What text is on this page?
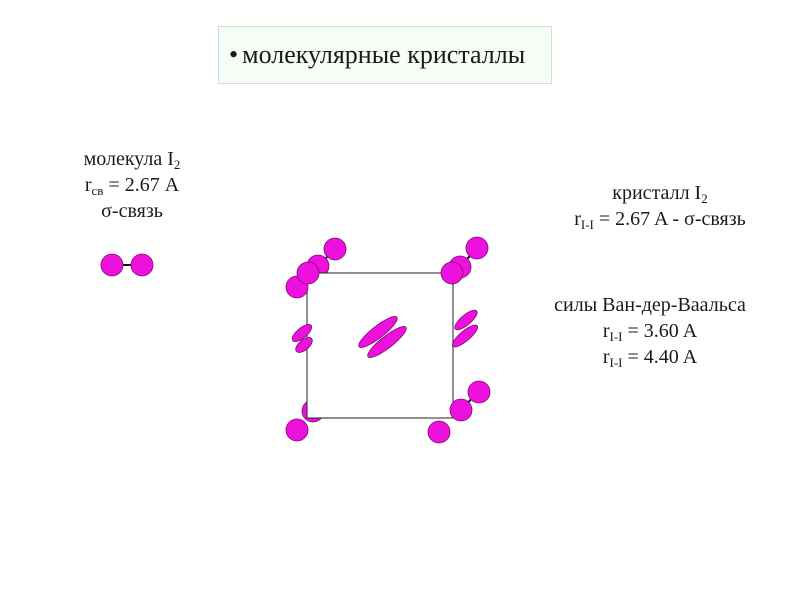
• молекулярные кристаллы
молекула $I_2$
$r_{св} = 2.67$ A
σ-связь
кристалл $I_2$
$r_{I-I} = 2.67$ A - σ-связь
силы Ван-дер-Ваальса
$r_{I-I} = 3.60$ A
$r_{I-I} = 4.40$ A
